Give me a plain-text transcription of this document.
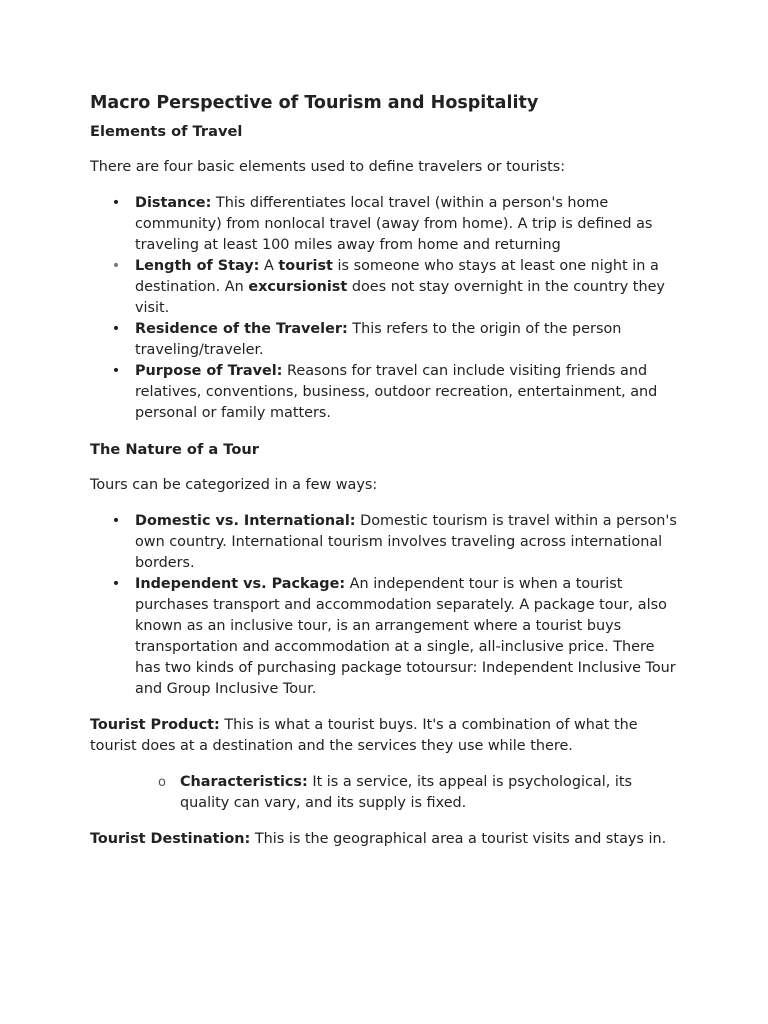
Macro Perspective of Tourism and Hospitality
Elements of Travel
There are four basic elements used to define travelers or tourists:
• Distance: This differentiates local travel (within a person's home community) from nonlocal travel (away from home). A trip is defined as traveling at least 100 miles away from home and returning
• Length of Stay: A tourist is someone who stays at least one night in a destination. An excursionist does not stay overnight in the country they visit.
• Residence of the Traveler: This refers to the origin of the person traveling/traveler.
• Purpose of Travel: Reasons for travel can include visiting friends and relatives, conventions, business, outdoor recreation, entertainment, and personal or family matters.
The Nature of a Tour
Tours can be categorized in a few ways:
• Domestic vs. International: Domestic tourism is travel within a person's own country. International tourism involves traveling across international borders.
• Independent vs. Package: An independent tour is when a tourist purchases transport and accommodation separately. A package tour, also known as an inclusive tour, is an arrangement where a tourist buys transportation and accommodation at a single, all-inclusive price. There has two kinds of purchasing package totoursur: Independent Inclusive Tour and Group Inclusive Tour.
Tourist Product: This is what a tourist buys. It's a combination of what the tourist does at a destination and the services they use while there.
o Characteristics: It is a service, its appeal is psychological, its quality can vary, and its supply is fixed.
Tourist Destination: This is the geographical area a tourist visits and stays in.
